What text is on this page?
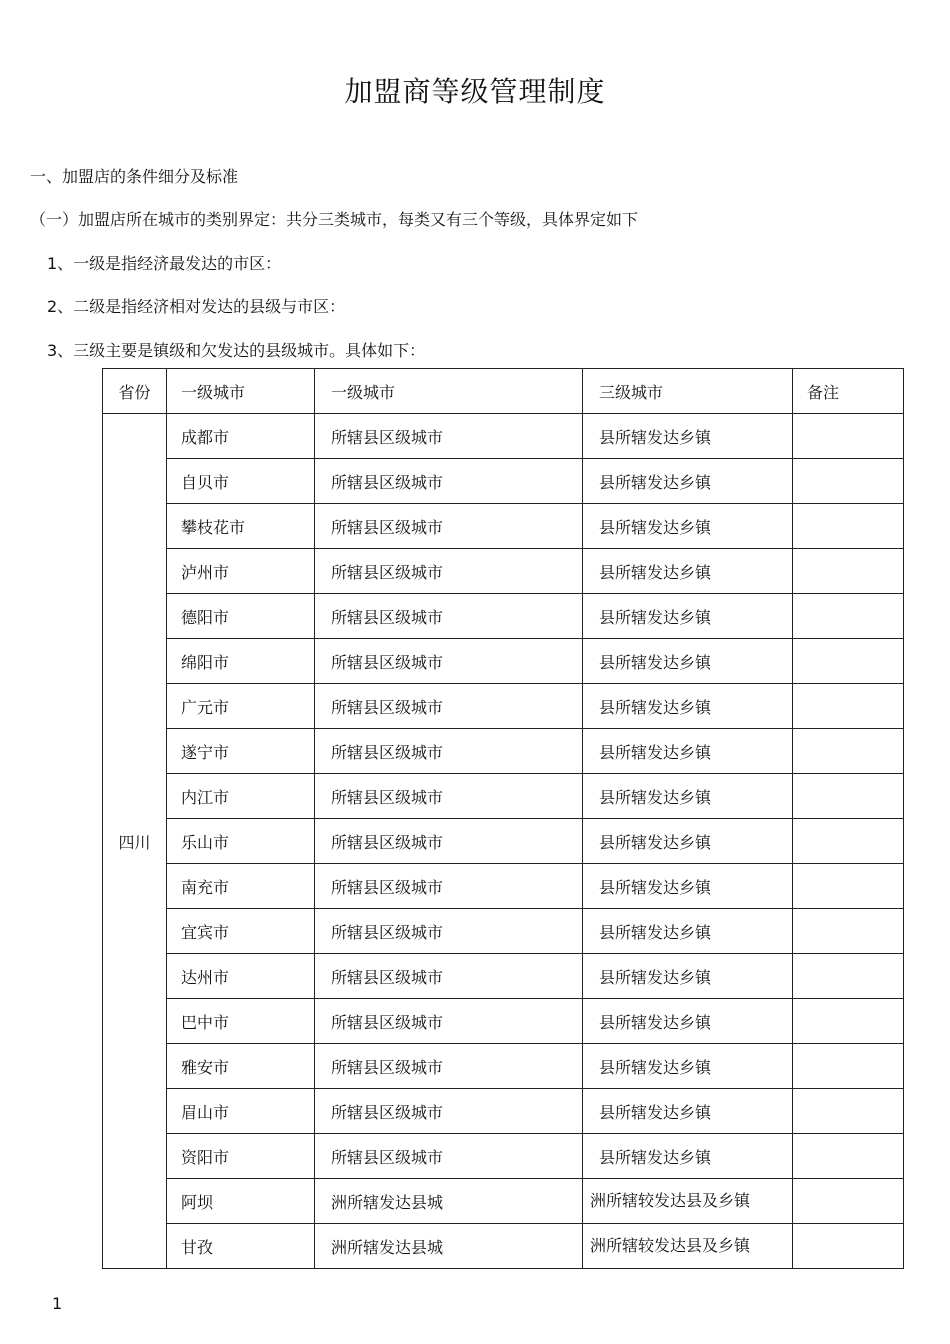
加盟商等级管理制度

一、加盟店的条件细分及标准

（一）加盟店所在城市的类别界定：共分三类城市，每类又有三个等级，具体界定如下

1、一级是指经济最发达的市区：

2、二级是指经济相对发达的县级与市区：

3、三级主要是镇级和欠发达的县级城市。具体如下：

省份	一级城市	一级城市	三级城市	备注
四川	成都市	所辖县区级城市	县所辖发达乡镇	
	自贝市	所辖县区级城市	县所辖发达乡镇	
	攀枝花市	所辖县区级城市	县所辖发达乡镇	
	泸州市	所辖县区级城市	县所辖发达乡镇	
	德阳市	所辖县区级城市	县所辖发达乡镇	
	绵阳市	所辖县区级城市	县所辖发达乡镇	
	广元市	所辖县区级城市	县所辖发达乡镇	
	遂宁市	所辖县区级城市	县所辖发达乡镇	
	内江市	所辖县区级城市	县所辖发达乡镇	
	乐山市	所辖县区级城市	县所辖发达乡镇	
	南充市	所辖县区级城市	县所辖发达乡镇	
	宜宾市	所辖县区级城市	县所辖发达乡镇	
	达州市	所辖县区级城市	县所辖发达乡镇	
	巴中市	所辖县区级城市	县所辖发达乡镇	
	雅安市	所辖县区级城市	县所辖发达乡镇	
	眉山市	所辖县区级城市	县所辖发达乡镇	
	资阳市	所辖县区级城市	县所辖发达乡镇	
	阿坝	洲所辖发达县城	洲所辖较发达县及乡镇	
	甘孜	洲所辖发达县城	洲所辖较发达县及乡镇	

1
